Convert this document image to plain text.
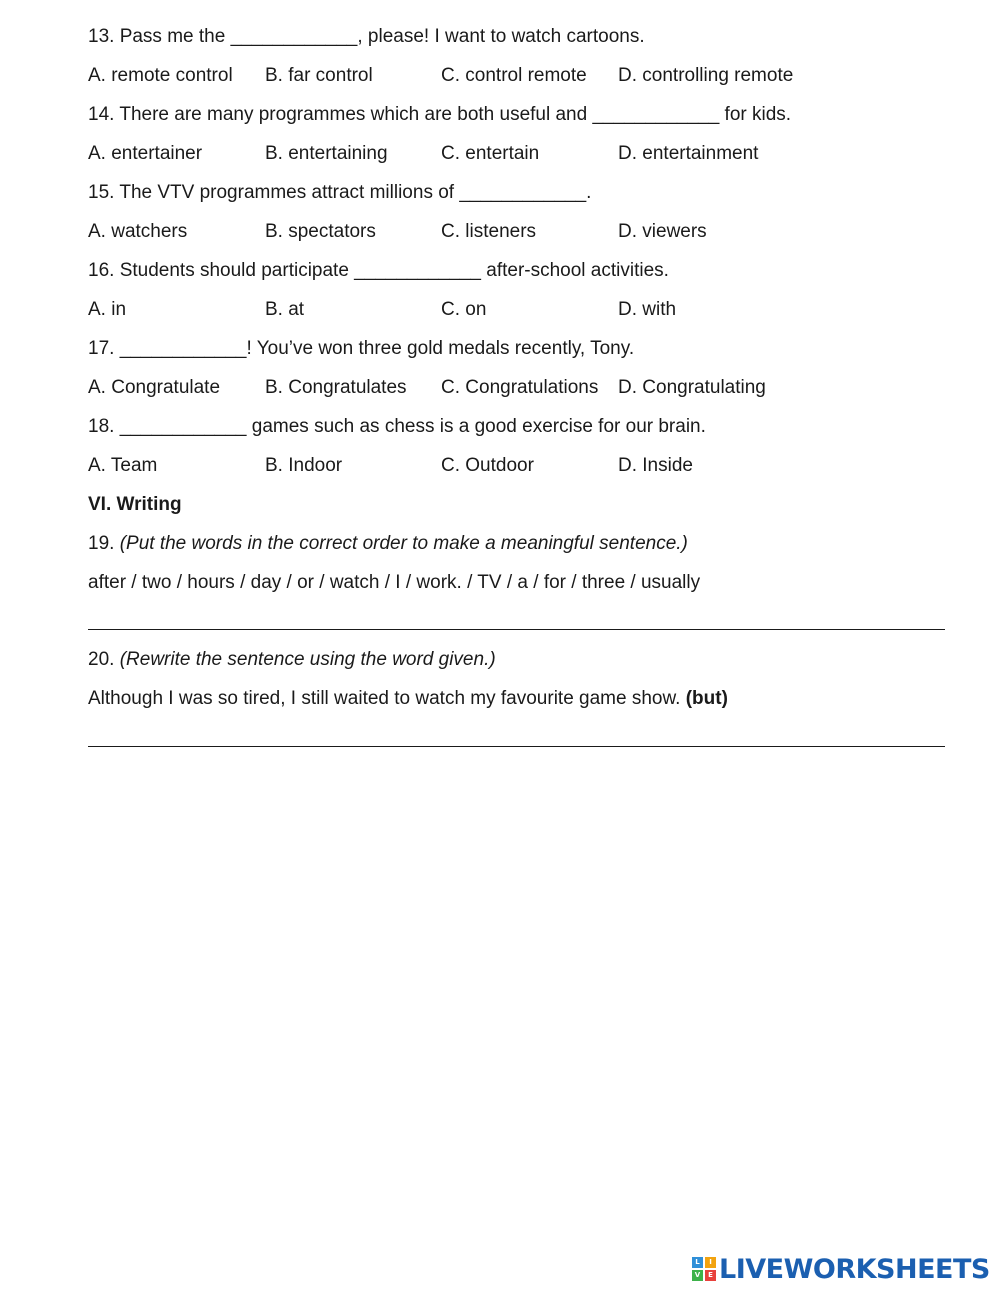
13. Pass me the ____________, please! I want to watch cartoons.
A. remote control B. far control	C. control remote D. controlling remote
14. There are many programmes which are both useful and ____________ for kids.
A. entertainer	B. entertaining	C. entertain	D. entertainment
15. The VTV programmes attract millions of ____________.
A. watchers	B. spectators	C. listeners	D. viewers
16. Students should participate ____________ after-school activities.
A. in	B. at	C. on	D. with
17. ____________! You’ve won three gold medals recently, Tony.
A. Congratulate B. Congratulates C. Congratulations D. Congratulating
18. ____________ games such as chess is a good exercise for our brain.
A. Team	B. Indoor	C. Outdoor	D. Inside
VI. Writing
19. (Put the words in the correct order to make a meaningful sentence.)
after / two / hours / day / or / watch / I / work. / TV / a / for / three / usually
20. (Rewrite the sentence using the word given.)
Although I was so tired, I still waited to watch my favourite game show. (but)
L	I
V	E LIVEWORKSHEETS
